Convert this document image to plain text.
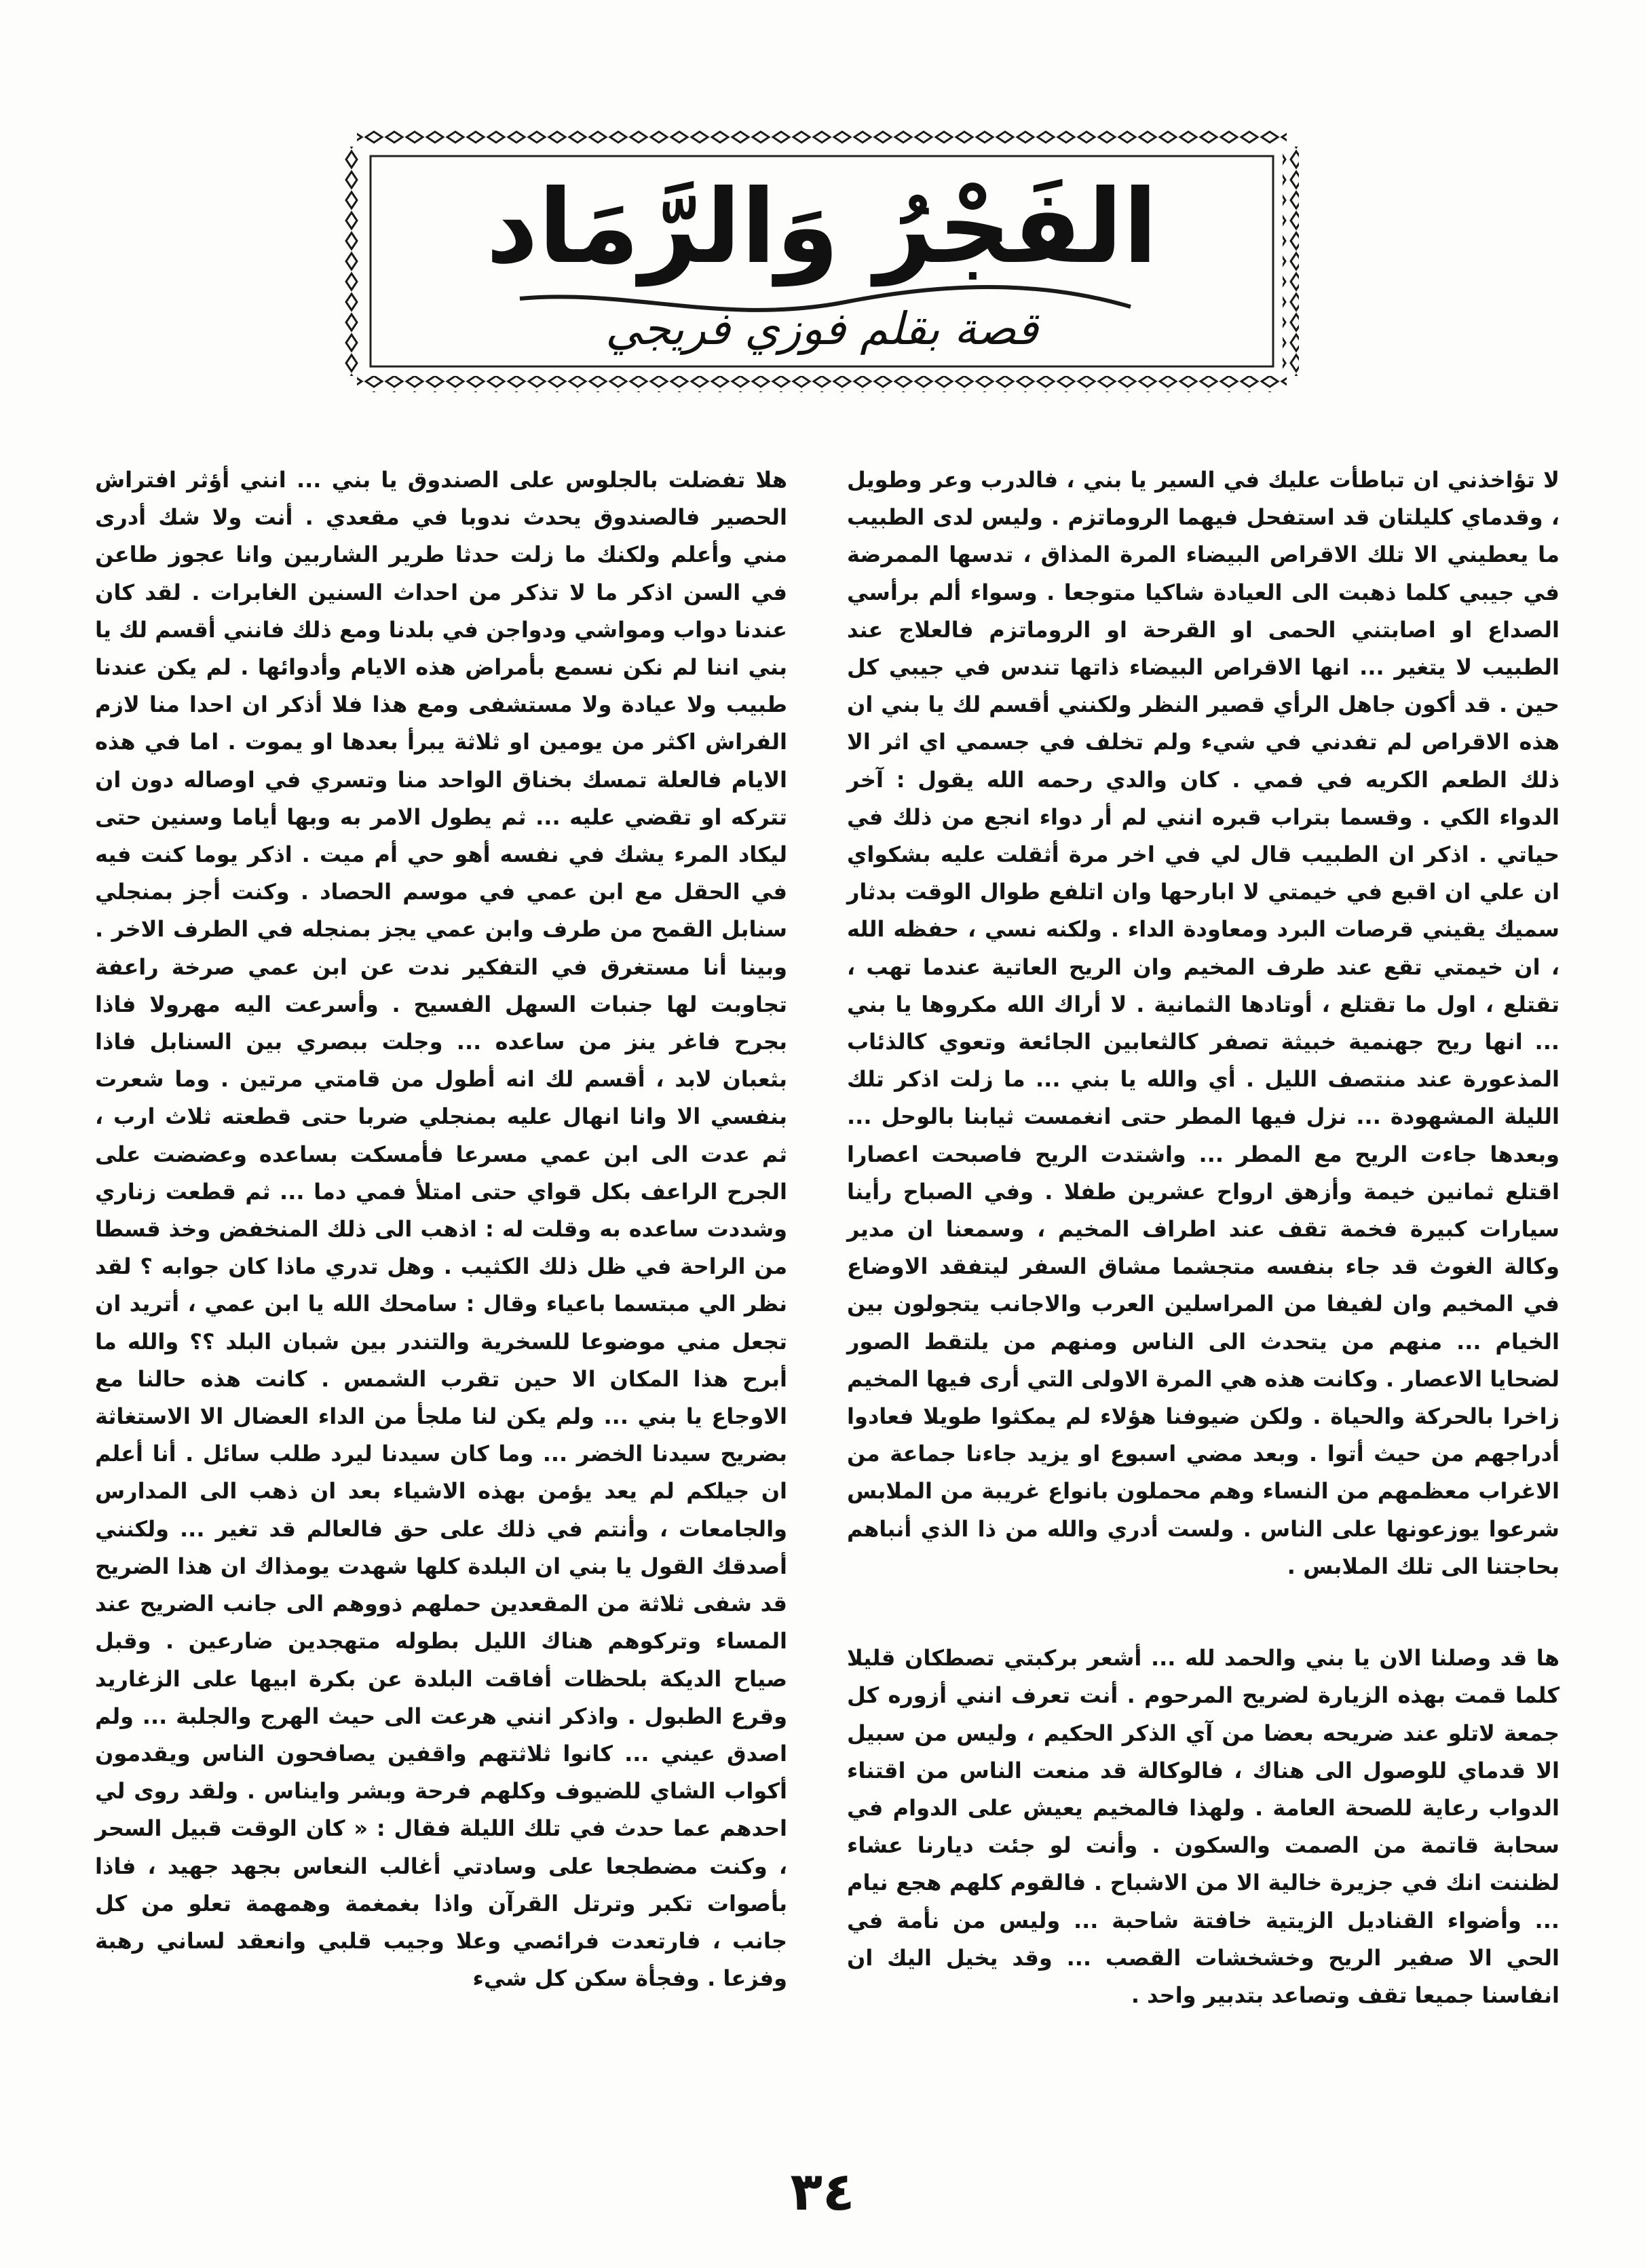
الفَجْرُ وَالرَّمَاد
قصة بقلم فوزي فريجي

لا تؤاخذني ان تباطأت عليك في السير يا بني ، فالدرب وعر وطويل ، وقدماي كليلتان قد استفحل فيهما الروماتزم . وليس لدى الطبيب ما يعطيني الا تلك الاقراص البيضاء المرة المذاق ، تدسها الممرضة في جيبي كلما ذهبت الى العيادة شاكيا متوجعا . وسواء ألم برأسي الصداع او اصابتني الحمى او القرحة او الروماتزم فالعلاج عند الطبيب لا يتغير ... انها الاقراص البيضاء ذاتها تندس في جيبي كل حين . قد أكون جاهل الرأي قصير النظر ولكنني أقسم لك يا بني ان هذه الاقراص لم تفدني في شيء ولم تخلف في جسمي اي اثر الا ذلك الطعم الكريه في فمي . كان والدي رحمه الله يقول : آخر الدواء الكي . وقسما بتراب قبره انني لم أر دواء انجع من ذلك في حياتي . اذكر ان الطبيب قال لي في اخر مرة أثقلت عليه بشكواي ان علي ان اقبع في خيمتي لا ابارحها وان اتلفع طوال الوقت بدثار سميك يقيني قرصات البرد ومعاودة الداء . ولكنه نسي ، حفظه الله ، ان خيمتي تقع عند طرف المخيم وان الريح العاتية عندما تهب ، تقتلع ، اول ما تقتلع ، أوتادها الثمانية . لا أراك الله مكروها يا بني ... انها ريح جهنمية خبيثة تصفر كالثعابين الجائعة وتعوي كالذئاب المذعورة عند منتصف الليل . أي والله يا بني ... ما زلت اذكر تلك الليلة المشهودة ... نزل فيها المطر حتى انغمست ثيابنا بالوحل ... وبعدها جاءت الريح مع المطر ... واشتدت الريح فاصبحت اعصارا اقتلع ثمانين خيمة وأزهق ارواح عشرين طفلا . وفي الصباح رأينا سيارات كبيرة فخمة تقف عند اطراف المخيم ، وسمعنا ان مدير وكالة الغوث قد جاء بنفسه متجشما مشاق السفر ليتفقد الاوضاع في المخيم وان لفيفا من المراسلين العرب والاجانب يتجولون بين الخيام ... منهم من يتحدث الى الناس ومنهم من يلتقط الصور لضحايا الاعصار . وكانت هذه هي المرة الاولى التي أرى فيها المخيم زاخرا بالحركة والحياة . ولكن ضيوفنا هؤلاء لم يمكثوا طويلا فعادوا أدراجهم من حيث أتوا . وبعد مضي اسبوع او يزيد جاءنا جماعة من الاغراب معظمهم من النساء وهم محملون بانواع غريبة من الملابس شرعوا يوزعونها على الناس . ولست أدري والله من ذا الذي أنباهم بحاجتنا الى تلك الملابس .

ها قد وصلنا الان يا بني والحمد لله ... أشعر بركبتي تصطكان قليلا كلما قمت بهذه الزيارة لضريح المرحوم . أنت تعرف انني أزوره كل جمعة لاتلو عند ضريحه بعضا من آي الذكر الحكيم ، وليس من سبيل الا قدماي للوصول الى هناك ، فالوكالة قد منعت الناس من اقتناء الدواب رعاية للصحة العامة . ولهذا فالمخيم يعيش على الدوام في سحابة قاتمة من الصمت والسكون . وأنت لو جئت ديارنا عشاء لظننت انك في جزيرة خالية الا من الاشباح . فالقوم كلهم هجع نيام ... وأضواء القناديل الزيتية خافتة شاحبة ... وليس من نأمة في الحي الا صفير الريح وخشخشات القصب ... وقد يخيل اليك ان انفاسنا جميعا تقف وتصاعد بتدبير واحد .

هلا تفضلت بالجلوس على الصندوق يا بني ... انني أؤثر افتراش الحصير فالصندوق يحدث ندوبا في مقعدي . أنت ولا شك أدرى مني وأعلم ولكنك ما زلت حدثا طرير الشاربين وانا عجوز طاعن في السن اذكر ما لا تذكر من احداث السنين الغابرات . لقد كان عندنا دواب ومواشي ودواجن في بلدنا ومع ذلك فانني أقسم لك يا بني اننا لم نكن نسمع بأمراض هذه الايام وأدوائها . لم يكن عندنا طبيب ولا عيادة ولا مستشفى ومع هذا فلا أذكر ان احدا منا لازم الفراش اكثر من يومين او ثلاثة يبرأ بعدها او يموت . اما في هذه الايام فالعلة تمسك بخناق الواحد منا وتسري في اوصاله دون ان تتركه او تقضي عليه ... ثم يطول الامر به وبها أياما وسنين حتى ليكاد المرء يشك في نفسه أهو حي أم ميت . اذكر يوما كنت فيه في الحقل مع ابن عمي في موسم الحصاد . وكنت أجز بمنجلي سنابل القمح من طرف وابن عمي يجز بمنجله في الطرف الاخر . وبينا أنا مستغرق في التفكير ندت عن ابن عمي صرخة راعفة تجاوبت لها جنبات السهل الفسيح . وأسرعت اليه مهرولا فاذا بجرح فاغر ينز من ساعده ... وجلت ببصري بين السنابل فاذا بثعبان لابد ، أقسم لك انه أطول من قامتي مرتين . وما شعرت بنفسي الا وانا انهال عليه بمنجلي ضربا حتى قطعته ثلاث ارب ، ثم عدت الى ابن عمي مسرعا فأمسكت بساعده وعضضت على الجرح الراعف بكل قواي حتى امتلأ فمي دما ... ثم قطعت زناري وشددت ساعده به وقلت له : اذهب الى ذلك المنخفض وخذ قسطا من الراحة في ظل ذلك الكثيب . وهل تدري ماذا كان جوابه ؟ لقد نظر الي مبتسما باعياء وقال : سامحك الله يا ابن عمي ، أتريد ان تجعل مني موضوعا للسخرية والتندر بين شبان البلد ؟؟ والله ما أبرح هذا المكان الا حين تقرب الشمس . كانت هذه حالنا مع الاوجاع يا بني ... ولم يكن لنا ملجأ من الداء العضال الا الاستغاثة بضريح سيدنا الخضر ... وما كان سيدنا ليرد طلب سائل . أنا أعلم ان جيلكم لم يعد يؤمن بهذه الاشياء بعد ان ذهب الى المدارس والجامعات ، وأنتم في ذلك على حق فالعالم قد تغير ... ولكنني أصدقك القول يا بني ان البلدة كلها شهدت يومذاك ان هذا الضريح قد شفى ثلاثة من المقعدين حملهم ذووهم الى جانب الضريح عند المساء وتركوهم هناك الليل بطوله متهجدين ضارعين . وقبل صياح الديكة بلحظات أفاقت البلدة عن بكرة ابيها على الزغاريد وقرع الطبول . واذكر انني هرعت الى حيث الهرج والجلبة ... ولم اصدق عيني ... كانوا ثلاثتهم واقفين يصافحون الناس ويقدمون أكواب الشاي للضيوف وكلهم فرحة وبشر وايناس . ولقد روى لي احدهم عما حدث في تلك الليلة فقال : « كان الوقت قبيل السحر ، وكنت مضطجعا على وسادتي أغالب النعاس بجهد جهيد ، فاذا بأصوات تكبر وترتل القرآن واذا بغمغمة وهمهمة تعلو من كل جانب ، فارتعدت فرائصي وعلا وجيب قلبي وانعقد لساني رهبة وفزعا . وفجأة سكن كل شيء

٣٤
